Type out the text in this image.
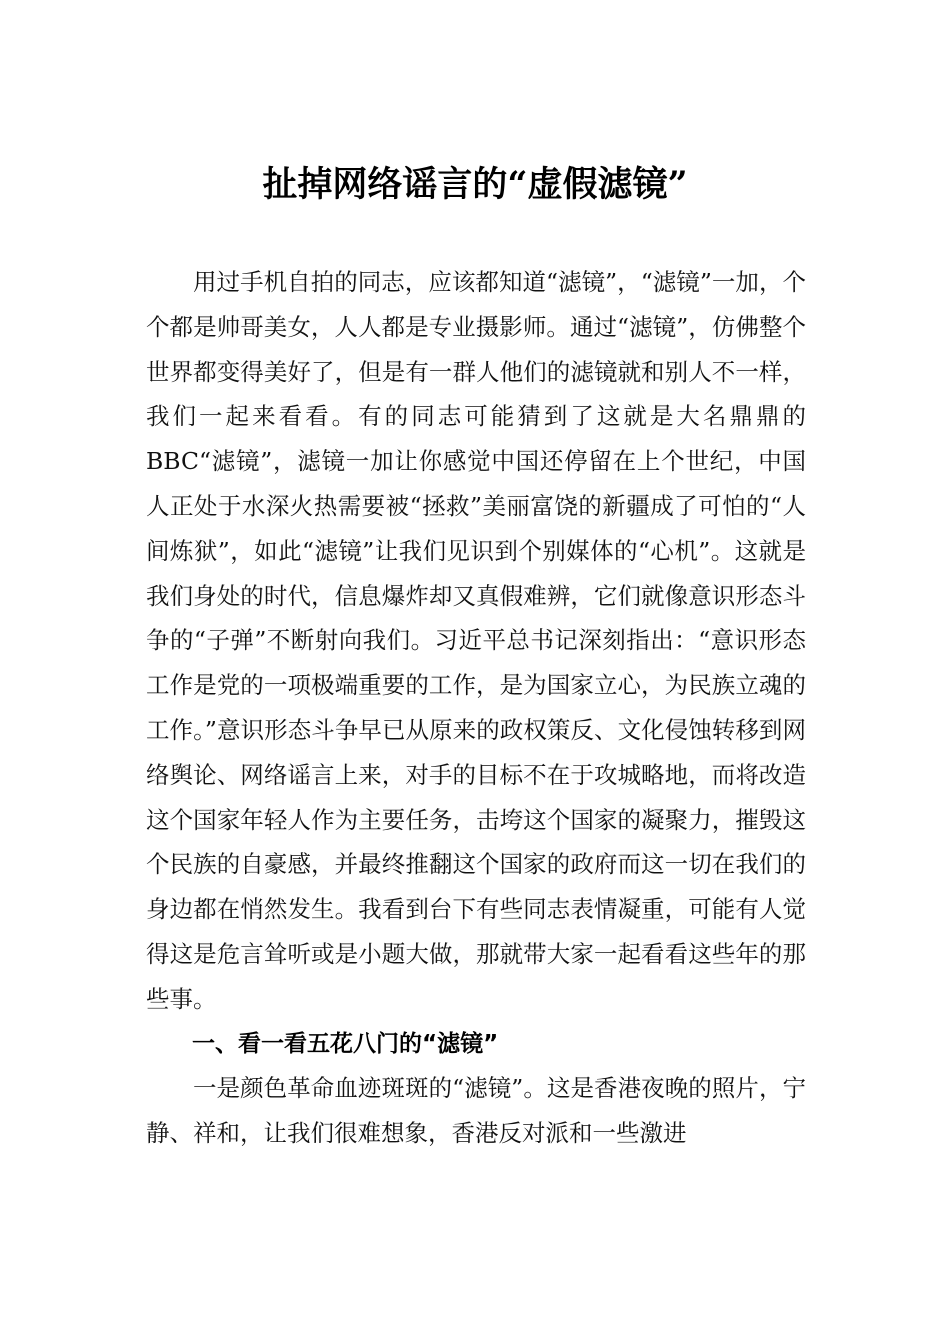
扯掉网络谣言的“虚假滤镜”

用过手机自拍的同志，应该都知道“滤镜”，“滤镜”一加，个个都是帅哥美女，人人都是专业摄影师。通过“滤镜”，仿佛整个世界都变得美好了，但是有一群人他们的滤镜就和别人不一样，我们一起来看看。有的同志可能猜到了这就是大名鼎鼎的BBC“滤镜”，滤镜一加让你感觉中国还停留在上个世纪，中国人正处于水深火热需要被“拯救”美丽富饶的新疆成了可怕的“人间炼狱”，如此“滤镜”让我们见识到个别媒体的“心机”。这就是我们身处的时代，信息爆炸却又真假难辨，它们就像意识形态斗争的“子弹”不断射向我们。习近平总书记深刻指出：“意识形态工作是党的一项极端重要的工作，是为国家立心，为民族立魂的工作。”意识形态斗争早已从原来的政权策反、文化侵蚀转移到网络舆论、网络谣言上来，对手的目标不在于攻城略地，而将改造这个国家年轻人作为主要任务，击垮这个国家的凝聚力，摧毁这个民族的自豪感，并最终推翻这个国家的政府而这一切在我们的身边都在悄然发生。我看到台下有些同志表情凝重，可能有人觉得这是危言耸听或是小题大做，那就带大家一起看看这些年的那些事。

一、看一看五花八门的“滤镜”

一是颜色革命血迹斑斑的“滤镜”。这是香港夜晚的照片，宁静、祥和，让我们很难想象，香港反对派和一些激进
